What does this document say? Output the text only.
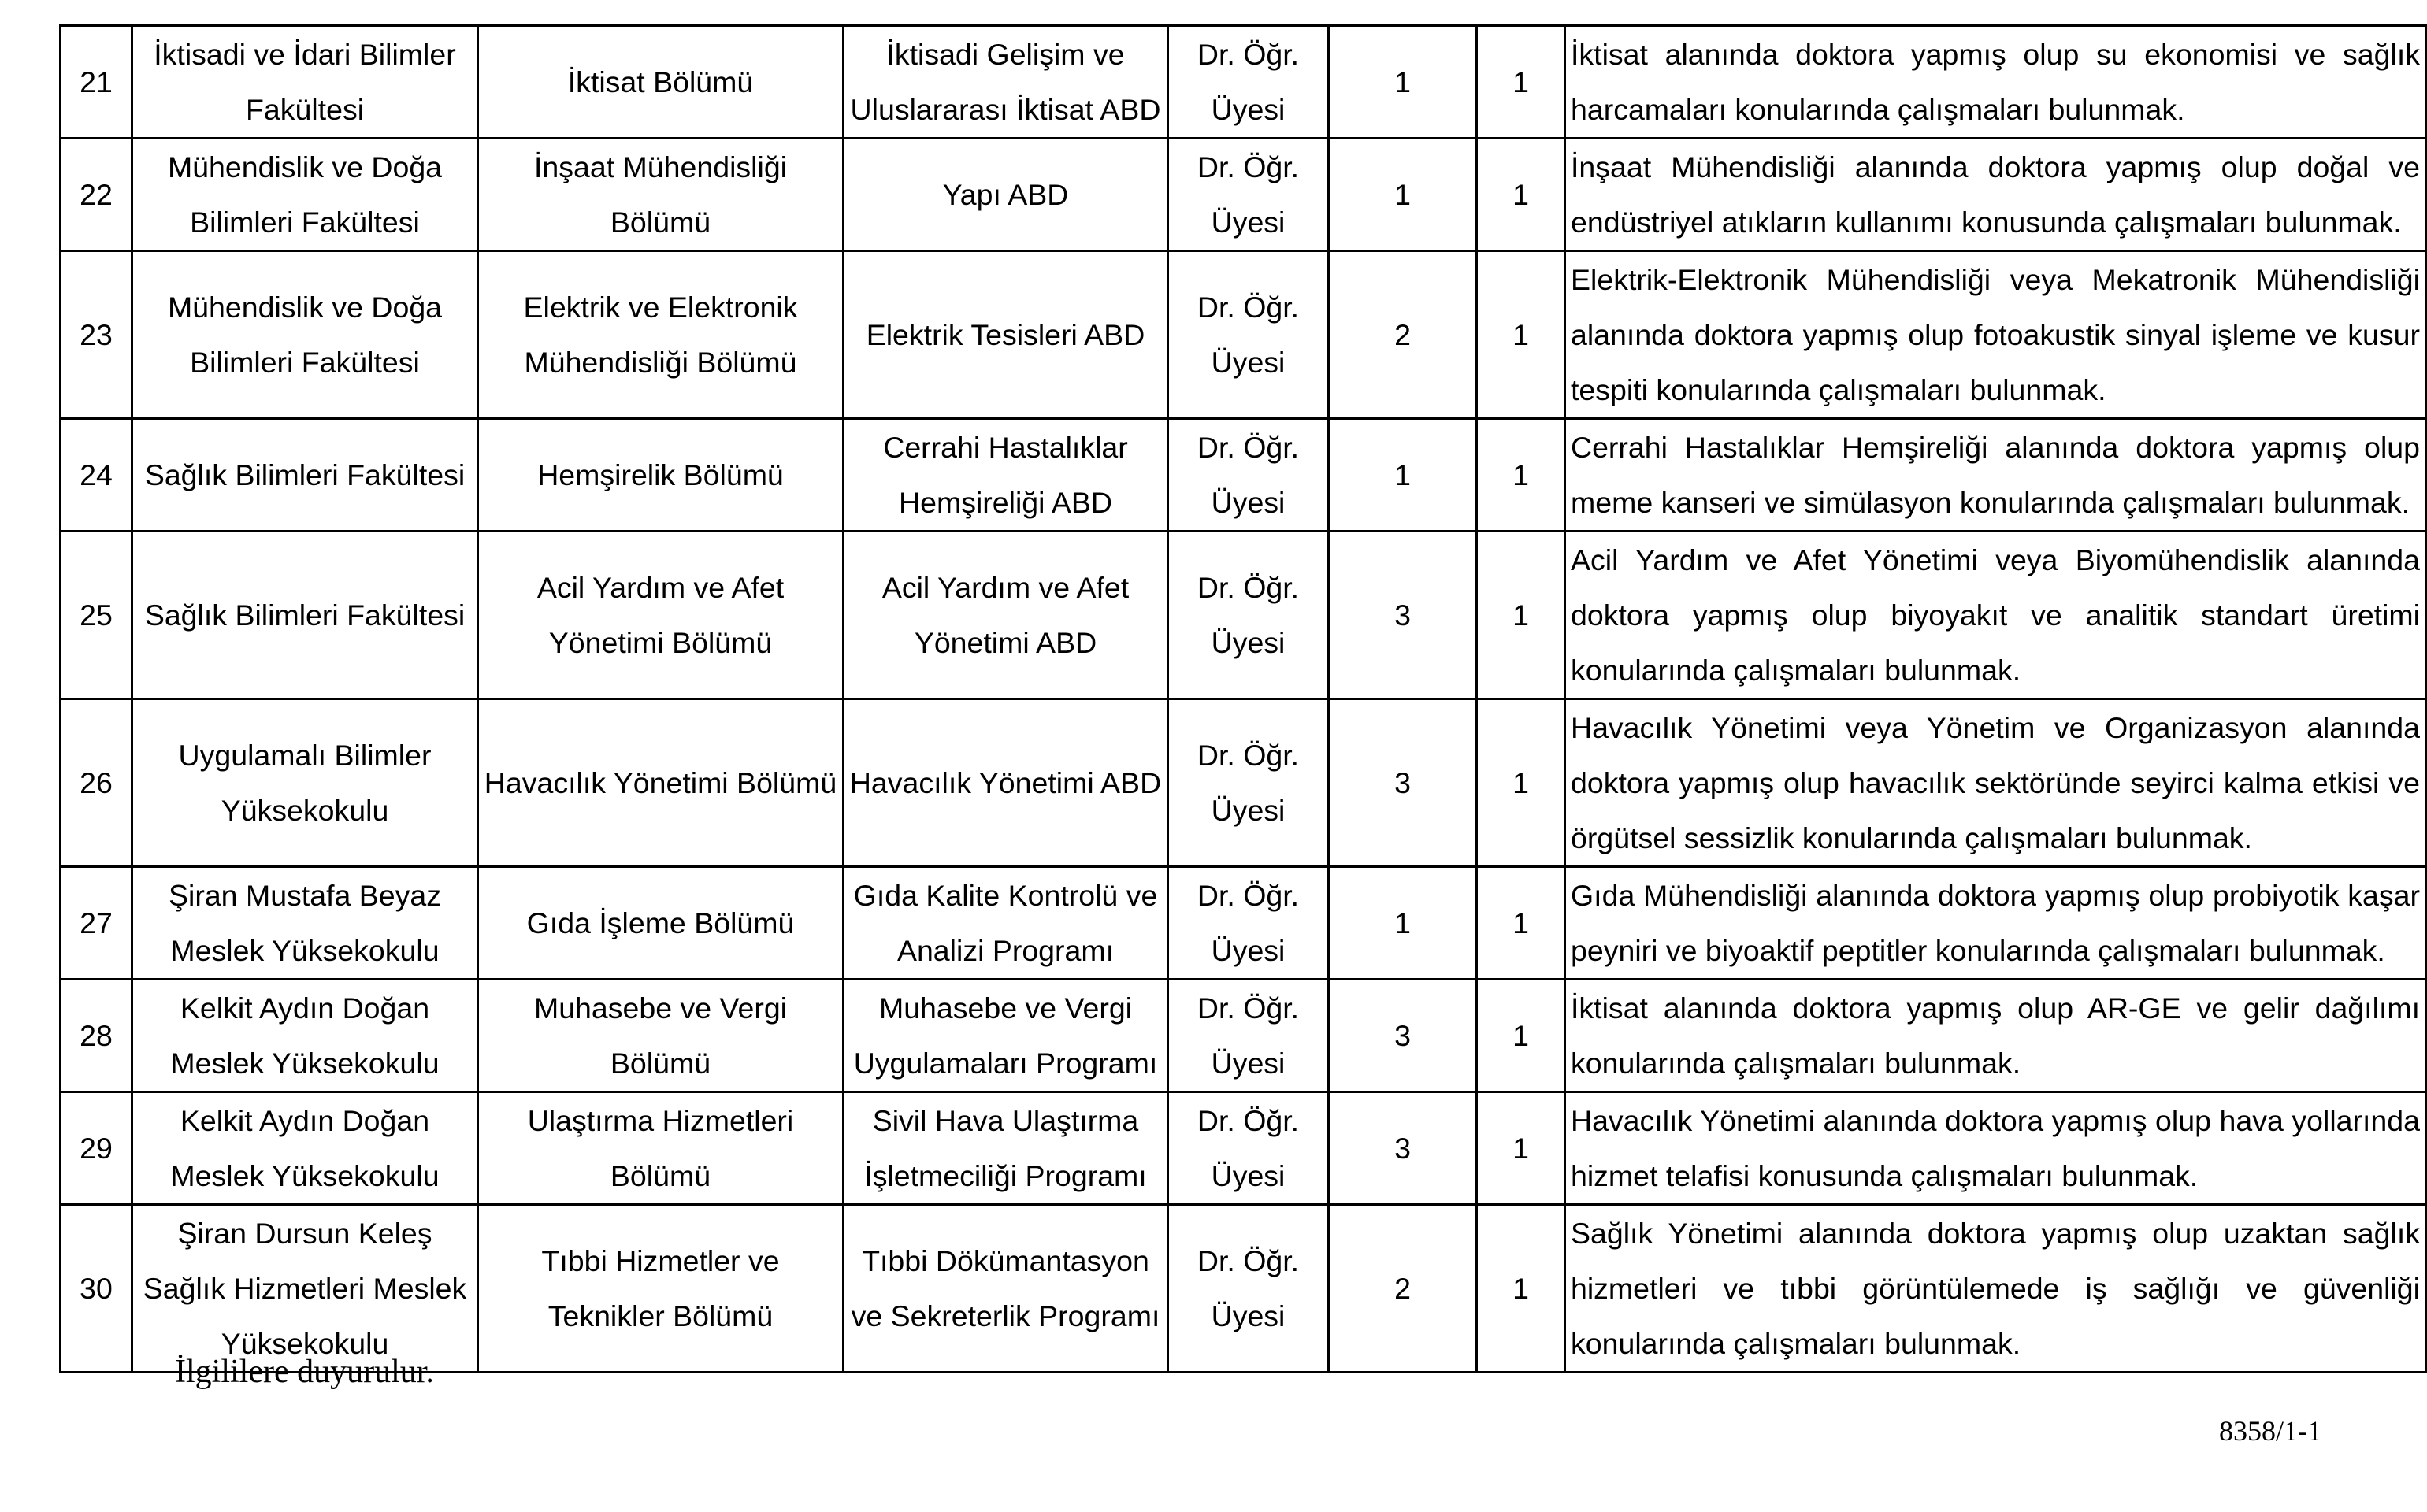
21	İktisadi ve İdari Bilimler Fakültesi	İktisat Bölümü	İktisadi Gelişim ve Uluslararası İktisat ABD	Dr. Öğr. Üyesi	1	1	İktisat alanında doktora yapmış olup su ekonomisi ve sağlık harcamaları konularında çalışmaları bulunmak.
22	Mühendislik ve Doğa Bilimleri Fakültesi	İnşaat Mühendisliği Bölümü	Yapı ABD	Dr. Öğr. Üyesi	1	1	İnşaat Mühendisliği alanında doktora yapmış olup doğal ve endüstriyel atıkların kullanımı konusunda çalışmaları bulunmak.
23	Mühendislik ve Doğa Bilimleri Fakültesi	Elektrik ve Elektronik Mühendisliği Bölümü	Elektrik Tesisleri ABD	Dr. Öğr. Üyesi	2	1	Elektrik-Elektronik Mühendisliği veya Mekatronik Mühendisliği alanında doktora yapmış olup fotoakustik sinyal işleme ve kusur tespiti konularında çalışmaları bulunmak.
24	Sağlık Bilimleri Fakültesi	Hemşirelik Bölümü	Cerrahi Hastalıklar Hemşireliği ABD	Dr. Öğr. Üyesi	1	1	Cerrahi Hastalıklar Hemşireliği alanında doktora yapmış olup meme kanseri ve simülasyon konularında çalışmaları bulunmak.
25	Sağlık Bilimleri Fakültesi	Acil Yardım ve Afet Yönetimi Bölümü	Acil Yardım ve Afet Yönetimi ABD	Dr. Öğr. Üyesi	3	1	Acil Yardım ve Afet Yönetimi veya Biyomühendislik alanında doktora yapmış olup biyoyakıt ve analitik standart üretimi konularında çalışmaları bulunmak.
26	Uygulamalı Bilimler Yüksekokulu	Havacılık Yönetimi Bölümü	Havacılık Yönetimi ABD	Dr. Öğr. Üyesi	3	1	Havacılık Yönetimi veya Yönetim ve Organizasyon alanında doktora yapmış olup havacılık sektöründe seyirci kalma etkisi ve örgütsel sessizlik konularında çalışmaları bulunmak.
27	Şiran Mustafa Beyaz Meslek Yüksekokulu	Gıda İşleme Bölümü	Gıda Kalite Kontrolü ve Analizi Programı	Dr. Öğr. Üyesi	1	1	Gıda Mühendisliği alanında doktora yapmış olup probiyotik kaşar peyniri ve biyoaktif peptitler konularında çalışmaları bulunmak.
28	Kelkit Aydın Doğan Meslek Yüksekokulu	Muhasebe ve Vergi Bölümü	Muhasebe ve Vergi Uygulamaları Programı	Dr. Öğr. Üyesi	3	1	İktisat alanında doktora yapmış olup AR-GE ve gelir dağılımı konularında çalışmaları bulunmak.
29	Kelkit Aydın Doğan Meslek Yüksekokulu	Ulaştırma Hizmetleri Bölümü	Sivil Hava Ulaştırma İşletmeciliği Programı	Dr. Öğr. Üyesi	3	1	Havacılık Yönetimi alanında doktora yapmış olup hava yollarında hizmet telafisi konusunda çalışmaları bulunmak.
30	Şiran Dursun Keleş Sağlık Hizmetleri Meslek Yüksekokulu	Tıbbi Hizmetler ve Teknikler Bölümü	Tıbbi Dökümantasyon ve Sekreterlik Programı	Dr. Öğr. Üyesi	2	1	Sağlık Yönetimi alanında doktora yapmış olup uzaktan sağlık hizmetleri ve tıbbi görüntülemede iş sağlığı ve güvenliği konularında çalışmaları bulunmak.
İlgililere duyurulur.
8358/1-1
